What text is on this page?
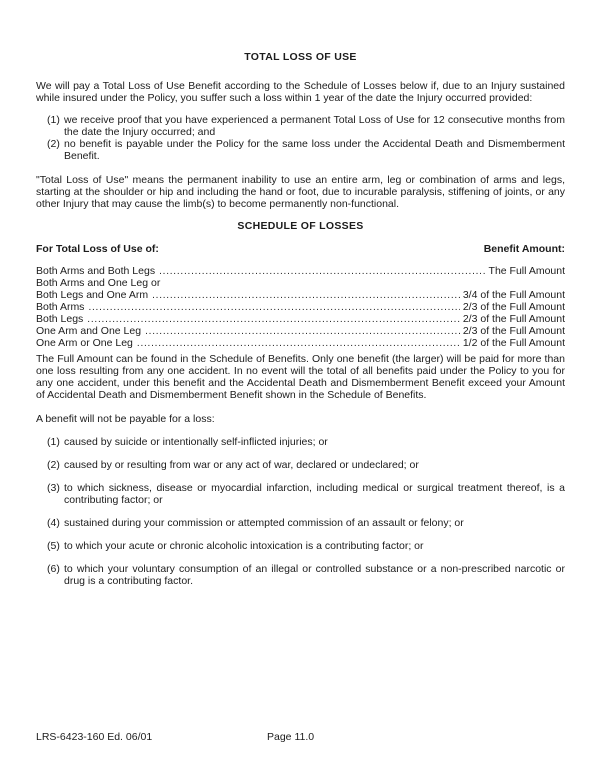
TOTAL LOSS OF USE

We will pay a Total Loss of Use Benefit according to the Schedule of Losses below if, due to an Injury sustained while insured under the Policy, you suffer such a loss within 1 year of the date the Injury occurred provided:

(1) we receive proof that you have experienced a permanent Total Loss of Use for 12 consecutive months from the date the Injury occurred; and
(2) no benefit is payable under the Policy for the same loss under the Accidental Death and Dismemberment Benefit.

"Total Loss of Use" means the permanent inability to use an entire arm, leg or combination of arms and legs, starting at the shoulder or hip and including the hand or foot, due to incurable paralysis, stiffening of joints, or any other Injury that may cause the limb(s) to become permanently non-functional.

SCHEDULE OF LOSSES
For Total Loss of Use of:	Benefit Amount:
Both Arms and Both Legs . . .	The Full Amount
Both Arms and One Leg or
Both Legs and One Arm . . .	3/4 of the Full Amount
Both Arms . . .	2/3 of the Full Amount
Both Legs . . .	2/3 of the Full Amount
One Arm and One Leg . . .	2/3 of the Full Amount
One Arm or One Leg . . .	1/2 of the Full Amount

The Full Amount can be found in the Schedule of Benefits. Only one benefit (the larger) will be paid for more than one loss resulting from any one accident. In no event will the total of all benefits paid under the Policy to you for any one accident, under this benefit and the Accidental Death and Dismemberment Benefit exceed your Amount of Accidental Death and Dismemberment Benefit shown in the Schedule of Benefits.

A benefit will not be payable for a loss:

(1) caused by suicide or intentionally self-inflicted injuries; or
(2) caused by or resulting from war or any act of war, declared or undeclared; or
(3) to which sickness, disease or myocardial infarction, including medical or surgical treatment thereof, is a contributing factor; or
(4) sustained during your commission or attempted commission of an assault or felony; or
(5) to which your acute or chronic alcoholic intoxication is a contributing factor; or
(6) to which your voluntary consumption of an illegal or controlled substance or a non-prescribed narcotic or drug is a contributing factor.
LRS-6423-160 Ed. 06/01	Page 11.0
